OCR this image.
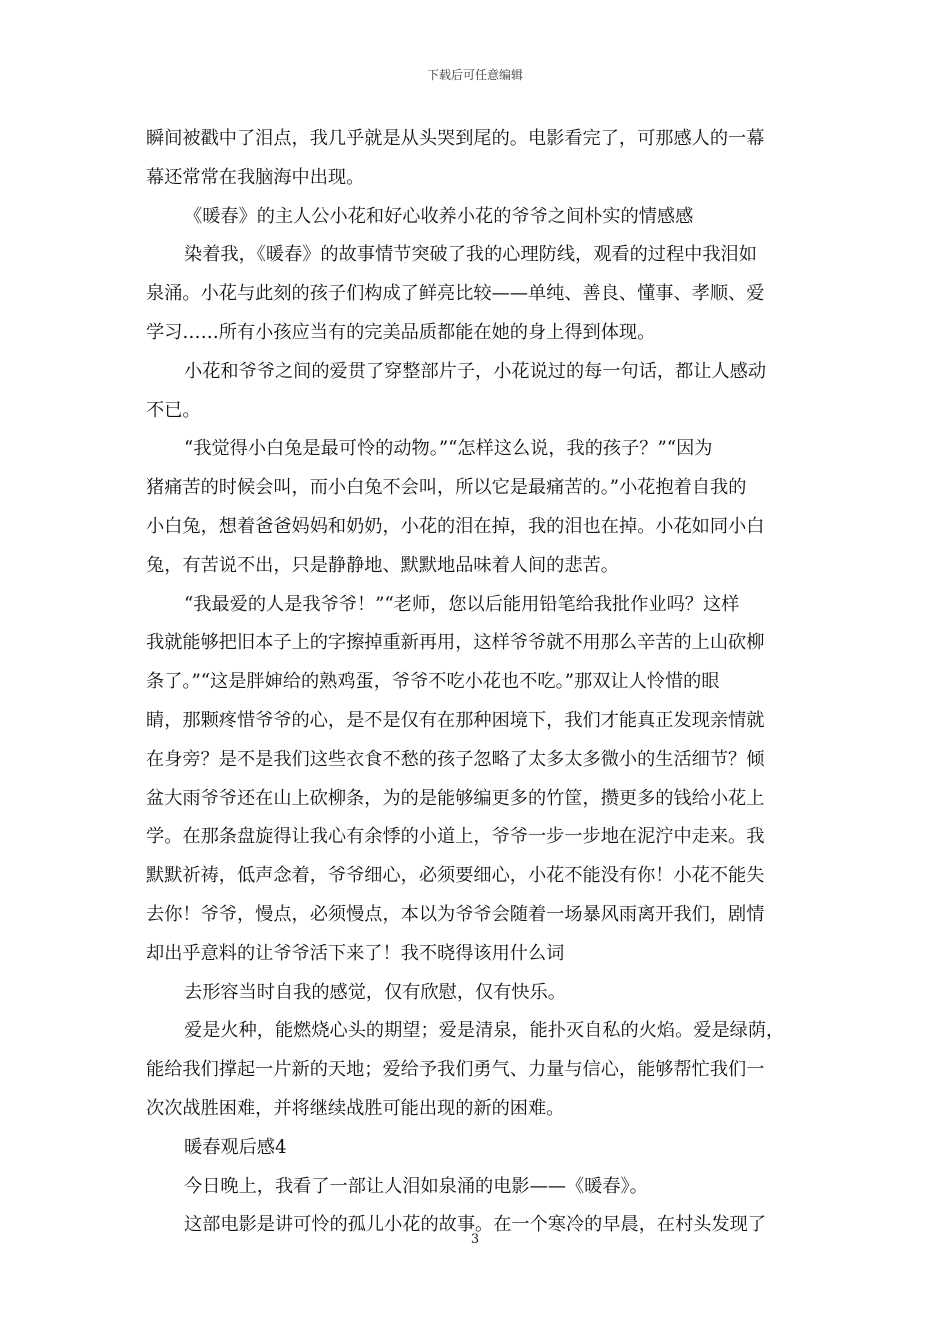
下载后可任意编辑
瞬间被戳中了泪点，我几乎就是从头哭到尾的。电影看完了，可那感人的一幕
幕还常常在我脑海中出现。
《暖春》的主人公小花和好心收养小花的爷爷之间朴实的情感感
染着我，《暖春》的故事情节突破了我的心理防线，观看的过程中我泪如
泉涌。小花与此刻的孩子们构成了鲜亮比较——单纯、善良、懂事、孝顺、爱
学习……所有小孩应当有的完美品质都能在她的身上得到体现。
小花和爷爷之间的爱贯了穿整部片子，小花说过的每一句话，都让人感动
不已。
“我觉得小白兔是最可怜的动物。”“怎样这么说，我的孩子？”“因为
猪痛苦的时候会叫，而小白兔不会叫，所以它是最痛苦的。”小花抱着自我的
小白兔，想着爸爸妈妈和奶奶，小花的泪在掉，我的泪也在掉。小花如同小白
兔，有苦说不出，只是静静地、默默地品味着人间的悲苦。
“我最爱的人是我爷爷！”“老师，您以后能用铅笔给我批作业吗？这样
我就能够把旧本子上的字擦掉重新再用，这样爷爷就不用那么辛苦的上山砍柳
条了。”“这是胖婶给的熟鸡蛋，爷爷不吃小花也不吃。”那双让人怜惜的眼
睛，那颗疼惜爷爷的心，是不是仅有在那种困境下，我们才能真正发现亲情就
在身旁？是不是我们这些衣食不愁的孩子忽略了太多太多微小的生活细节？倾
盆大雨爷爷还在山上砍柳条，为的是能够编更多的竹筐，攒更多的钱给小花上
学。在那条盘旋得让我心有余悸的小道上，爷爷一步一步地在泥泞中走来。我
默默祈祷，低声念着，爷爷细心，必须要细心，小花不能没有你！小花不能失
去你！爷爷，慢点，必须慢点，本以为爷爷会随着一场暴风雨离开我们，剧情
却出乎意料的让爷爷活下来了！我不晓得该用什么词
去形容当时自我的感觉，仅有欣慰，仅有快乐。
爱是火种，能燃烧心头的期望；爱是清泉，能扑灭自私的火焰。爱是绿荫，
能给我们撑起一片新的天地；爱给予我们勇气、力量与信心，能够帮忙我们一
次次战胜困难，并将继续战胜可能出现的新的困难。
暖春观后感4
今日晚上，我看了一部让人泪如泉涌的电影——《暖春》。
这部电影是讲可怜的孤儿小花的故事。在一个寒冷的早晨，在村头发现了
3
